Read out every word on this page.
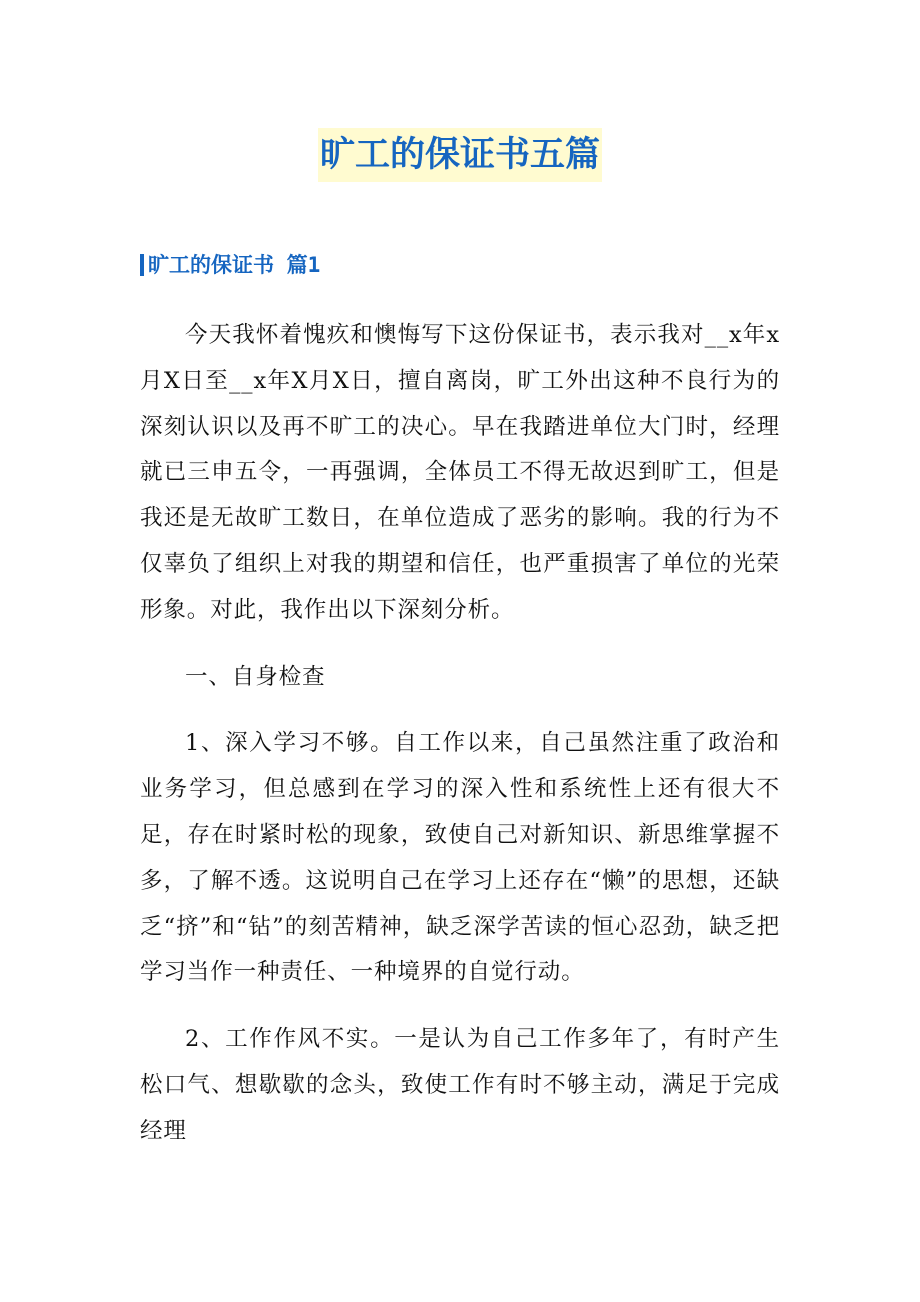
旷工的保证书五篇
旷工的保证书 篇1

今天我怀着愧疚和懊悔写下这份保证书，表示我对__x年x月X日至__x年X月X日，擅自离岗，旷工外出这种不良行为的深刻认识以及再不旷工的决心。早在我踏进单位大门时，经理就已三申五令，一再强调，全体员工不得无故迟到旷工，但是我还是无故旷工数日，在单位造成了恶劣的影响。我的行为不仅辜负了组织上对我的期望和信任，也严重损害了单位的光荣形象。对此，我作出以下深刻分析。

一、自身检查

1、深入学习不够。自工作以来，自己虽然注重了政治和业务学习，但总感到在学习的深入性和系统性上还有很大不足，存在时紧时松的现象，致使自己对新知识、新思维掌握不多，了解不透。这说明自己在学习上还存在“懒”的思想，还缺乏“挤”和“钻”的刻苦精神，缺乏深学苦读的恒心忍劲，缺乏把学习当作一种责任、一种境界的自觉行动。

2、工作作风不实。一是认为自己工作多年了，有时产生松口气、想歇歇的念头，致使工作有时不够主动，满足于完成经理
